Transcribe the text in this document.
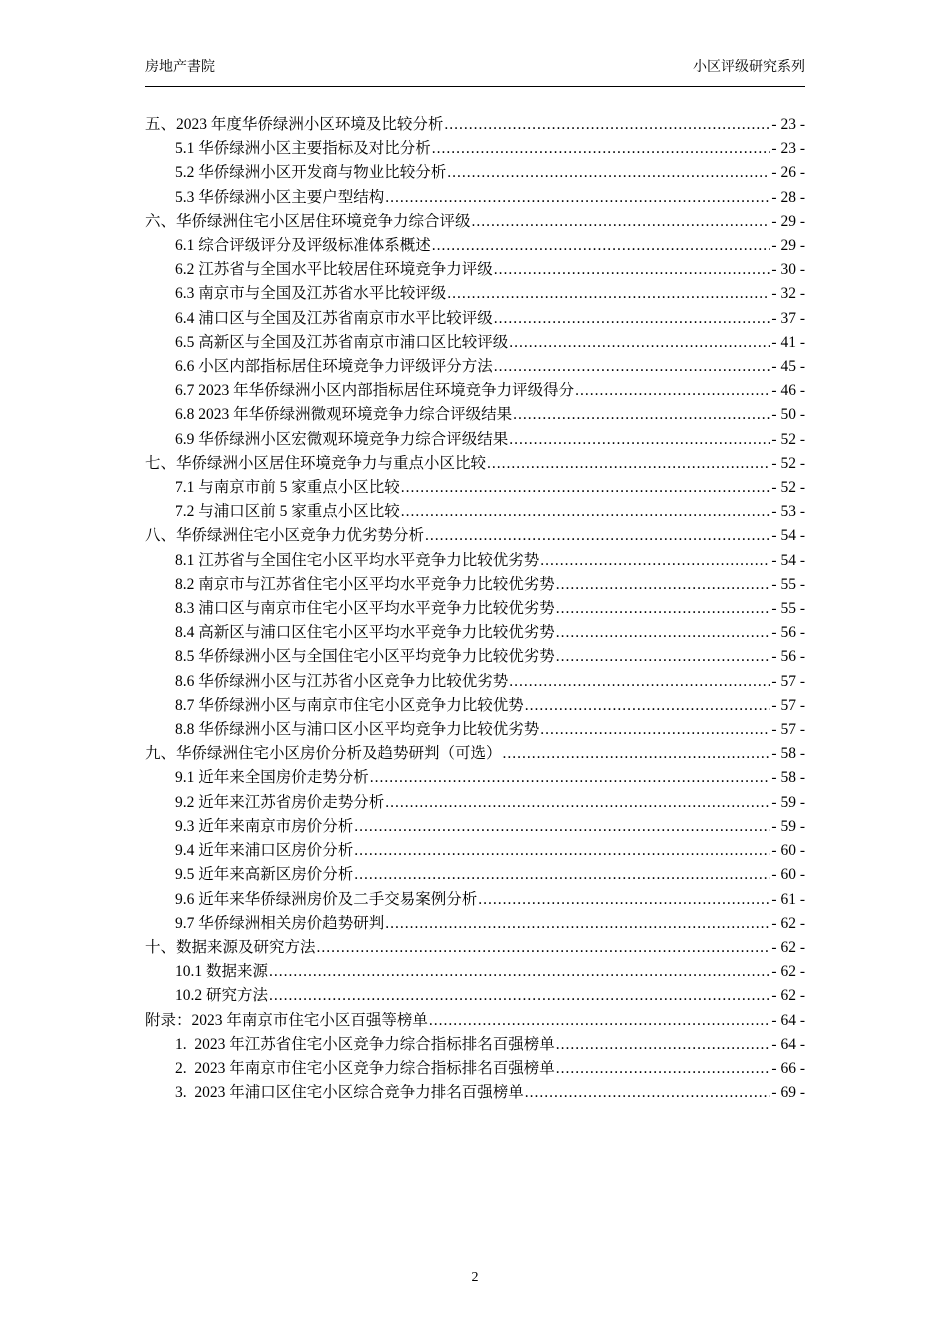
房地产書院	小区评级研究系列
五、2023 年度华侨绿洲小区环境及比较分析 .....	- 23 -
5.1 华侨绿洲小区主要指标及对比分析 .....	- 23 -
5.2 华侨绿洲小区开发商与物业比较分析 .....	- 26 -
5.3 华侨绿洲小区主要户型结构 .....	- 28 -
六、华侨绿洲住宅小区居住环境竞争力综合评级 .....	- 29 -
6.1 综合评级评分及评级标准体系概述 .....	- 29 -
6.2 江苏省与全国水平比较居住环境竞争力评级 .....	- 30 -
6.3 南京市与全国及江苏省水平比较评级 .....	- 32 -
6.4 浦口区与全国及江苏省南京市水平比较评级 .....	- 37 -
6.5 高新区与全国及江苏省南京市浦口区比较评级 .....	- 41 -
6.6 小区内部指标居住环境竞争力评级评分方法 .....	- 45 -
6.7 2023 年华侨绿洲小区内部指标居住环境竞争力评级得分 .....	- 46 -
6.8 2023 年华侨绿洲微观环境竞争力综合评级结果 .....	- 50 -
6.9 华侨绿洲小区宏微观环境竞争力综合评级结果 .....	- 52 -
七、华侨绿洲小区居住环境竞争力与重点小区比较 .....	- 52 -
7.1 与南京市前 5 家重点小区比较 .....	- 52 -
7.2 与浦口区前 5 家重点小区比较 .....	- 53 -
八、华侨绿洲住宅小区竞争力优劣势分析 .....	- 54 -
8.1 江苏省与全国住宅小区平均水平竞争力比较优劣势 .....	- 54 -
8.2 南京市与江苏省住宅小区平均水平竞争力比较优劣势 .....	- 55 -
8.3 浦口区与南京市住宅小区平均水平竞争力比较优劣势 .....	- 55 -
8.4 高新区与浦口区住宅小区平均水平竞争力比较优劣势 .....	- 56 -
8.5 华侨绿洲小区与全国住宅小区平均竞争力比较优劣势 .....	- 56 -
8.6 华侨绿洲小区与江苏省小区竞争力比较优劣势 .....	- 57 -
8.7 华侨绿洲小区与南京市住宅小区竞争力比较优势 .....	- 57 -
8.8 华侨绿洲小区与浦口区小区平均竞争力比较优劣势 .....	- 57 -
九、华侨绿洲住宅小区房价分析及趋势研判（可选） .....	- 58 -
9.1 近年来全国房价走势分析 .....	- 58 -
9.2 近年来江苏省房价走势分析 .....	- 59 -
9.3 近年来南京市房价分析 .....	- 59 -
9.4 近年来浦口区房价分析 .....	- 60 -
9.5 近年来高新区房价分析 .....	- 60 -
9.6 近年来华侨绿洲房价及二手交易案例分析 .....	- 61 -
9.7 华侨绿洲相关房价趋势研判 .....	- 62 -
十、数据来源及研究方法 .....	- 62 -
10.1 数据来源 .....	- 62 -
10.2 研究方法 .....	- 62 -
附录：2023 年南京市住宅小区百强等榜单 .....	- 64 -
1.  2023 年江苏省住宅小区竞争力综合指标排名百强榜单 .....	- 64 -
2.  2023 年南京市住宅小区竞争力综合指标排名百强榜单 .....	- 66 -
3.  2023 年浦口区住宅小区综合竞争力排名百强榜单 .....	- 69 -
2
